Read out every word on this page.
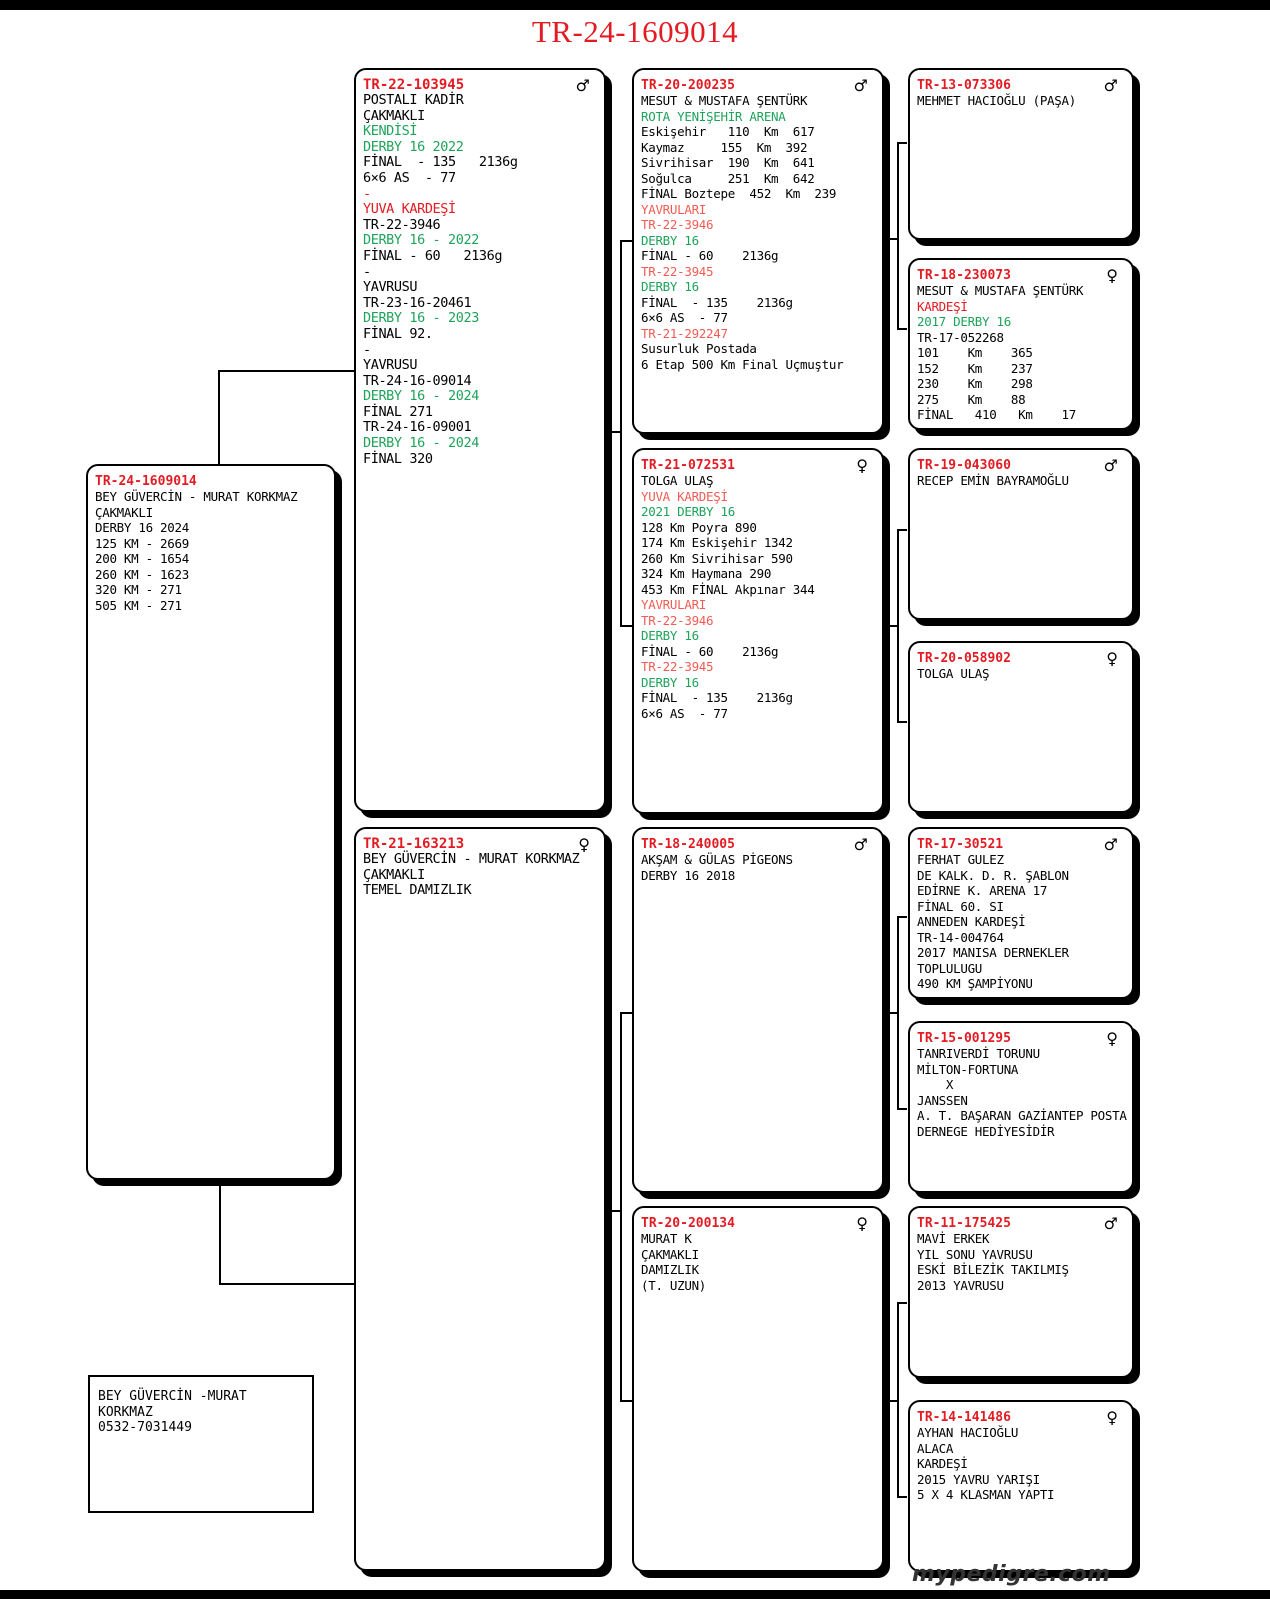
TR-24-1609014
TR-24-1609014
BEY GÜVERCİN - MURAT KORKMAZ
ÇAKMAKLI
DERBY 16 2024
125 KM - 2669
200 KM - 1654
260 KM - 1623
320 KM - 271
505 KM - 271
♂
TR-22-103945
POSTALI KADİR
ÇAKMAKLI
KENDİSİ
DERBY 16 2022
FİNAL  - 135   2136g
6×6 AS  - 77
-
YUVA KARDEŞİ
TR-22-3946
DERBY 16 - 2022
FİNAL - 60   2136g
-
YAVRUSU
TR-23-16-20461
DERBY 16 - 2023
FİNAL 92.
-
YAVRUSU
TR-24-16-09014
DERBY 16 - 2024
FİNAL 271
TR-24-16-09001
DERBY 16 - 2024
FİNAL 320
♀
TR-21-163213
BEY GÜVERCİN - MURAT KORKMAZ
ÇAKMAKLI
TEMEL DAMIZLIK
♂
TR-20-200235
MESUT & MUSTAFA ŞENTÜRK
ROTA YENİŞEHİR ARENA
Eskişehir   110  Km  617
Kaymaz     155  Km  392
Sivrihisar  190  Km  641
Soğulca     251  Km  642
FİNAL Boztepe  452  Km  239
YAVRULARI
TR-22-3946
DERBY 16
FİNAL - 60    2136g
TR-22-3945
DERBY 16
FİNAL  - 135    2136g
6×6 AS  - 77
TR-21-292247
Susurluk Postada
6 Etap 500 Km Final Uçmuştur
♀
TR-21-072531
TOLGA ULAŞ
YUVA KARDEŞİ
2021 DERBY 16
128 Km Poyra 890
174 Km Eskişehir 1342
260 Km Sivrihisar 590
324 Km Haymana 290
453 Km FİNAL Akpınar 344
YAVRULARI
TR-22-3946
DERBY 16
FİNAL - 60    2136g
TR-22-3945
DERBY 16
FİNAL  - 135    2136g
6×6 AS  - 77
♂
TR-18-240005
AKŞAM & GÜLAS PİGEONS
DERBY 16 2018
♀
TR-20-200134
MURAT K
ÇAKMAKLI
DAMIZLIK
(T. UZUN)
♂
TR-13-073306
MEHMET HACIOĞLU (PAŞA)
♀
TR-18-230073
MESUT & MUSTAFA ŞENTÜRK
KARDEŞİ
2017 DERBY 16
TR-17-052268
101    Km    365
152    Km    237
230    Km    298
275    Km    88
FİNAL   410   Km    17
♂
TR-19-043060
RECEP EMİN BAYRAMOĞLU
♀
TR-20-058902
TOLGA ULAŞ
♂
TR-17-30521
FERHAT GULEZ
DE KALK. D. R. ŞABLON
EDİRNE K. ARENA 17
FİNAL 60. SI
ANNEDEN KARDEŞİ
TR-14-004764
2017 MANISA DERNEKLER
TOPLULUGU
490 KM ŞAMPİYONU
♀
TR-15-001295
TANRIVERDİ TORUNU
MİLTON-FORTUNA
X
JANSSEN
A. T. BAŞARAN GAZİANTEP POSTA
DERNEGE HEDİYESİDİR
♂
TR-11-175425
MAVİ ERKEK
YIL SONU YAVRUSU
ESKİ BİLEZİK TAKILMIŞ
2013 YAVRUSU
♀
TR-14-141486
AYHAN HACIOĞLU
ALACA
KARDEŞİ
2015 YAVRU YARIŞI
5 X 4 KLASMAN YAPTI
BEY GÜVERCİN -MURAT
KORKMAZ
0532-7031449
mypedigre.com
